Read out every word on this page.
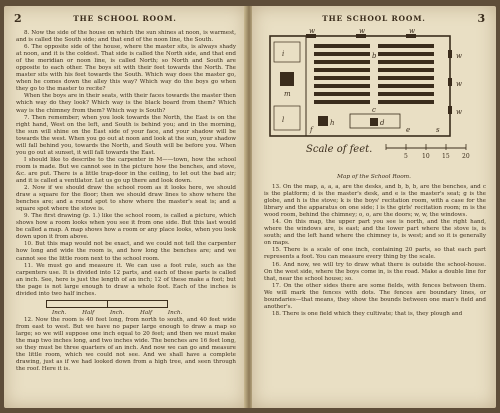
2	THE SCHOOL ROOM.

8. Now the side of the house on which the sun shines at noon, is warmest, and is called the South side; and that end of the noon line, the South.

6. The opposite side of the house, where the master sits, is always shady at noon, and it is the coldest. That side is called the North side, and that end of the meridian or noon line, is called North; so North and South are opposite to each other. The boys sit with their feet towards the North. The master sits with his feet towards the South. Which way does the master go, when he comes down the alley this way? Which way do the boys go when they go to the master to recite?

When the boys are in their seats, with their faces towards the master then which way do they look? Which way is the black board from them? Which way is the chimney from them? Which way is South?

7. Then remember; when you look towards the North, the East is on the right hand, West on the left, and South is behind you; and in the morning, the sun will shine on the East side of your face, and your shadow will be towards the west. When you go out at noon and look at the sun, your shadow will fall behind you, towards the North, and South will be before you. When you go out at sunset, it will fall towards the East.

I should like to describe to the carpenter in M——town, how the school room is made. But we cannot see in the picture how the benches, and stove, &c. are put. There is a little trap-door in the ceiling, to let out the bad air; and it is called a ventilator. Let us go up there and look down.

2. Now if we should draw the school room as it looks here, we should draw a square for the floor; then we should draw lines to show where the benches are; and a round spot to show where the master's seat is; and a square spot where the stove is.

9. The first drawing (p. 1.) like the school room, is called a picture, which shows how a room looks when you see it from one side. But this last would be called a map. A map shows how a room or any place looks, when you look down upon it from above.

10. But this map would not be exact, and we could not tell the carpenter how long and wide the room is, and how long the benches are; and we cannot see the little room next to the school room.

11. We must go and measure it. We can use a foot rule, such as the carpenters use. It is divided into 12 parts, and each of these parts is called an inch. See, here is just the length of an inch; 12 of these make a foot; but the page is not large enough to draw a whole foot. Each of the inches is divided into two half inches.

Inch. Half Inch. Half Inch.

12. Now the room is 40 feet long, from north to south, and 40 feet wide from east to west. But we have no paper large enough to draw a map so large; so we will suppose one inch equal to 20 feet; and then we must make the map two inches long, and two inches wide. The benches are 16 feet long, so they must be three quarters of an inch. And now we can go and measure the little room, which we could not see. And we shall have a complete drawing, just as if we had looked down from a high tree, and seen through the roof. Here it is.

THE SCHOOL ROOM.	3
w	w	w
w
w
w
i
m
l
b
c
h	d
f	e	s
Scale of feet.
5 10 15 20
Map of the School Room.

13. On the map, a, a, a, are the desks, and b, b, b, are the benches, and c is the platform; d is the master's desk, and e is the master's seat; g is the globe, and h is the stove; k is the boys' recitation room, with a case for the library and the apparatus on one side; l is the girls' recitation room; m is the wood room, behind the chimney; o, o, are the doors; w, w, the windows.

14. On this map, the upper part you see is north, and the right hand, where the windows are, is east; and the lower part where the stove is, is south; and the left hand where the chimney is, is west; and so it is generally on maps.

15. There is a scale of one inch, containing 20 parts, so that each part represents a foot. You can measure every thing by the scale.

16. And now, we will try to draw what there is outside the school-house. On the west side, where the boys come in, is the road. Make a double line for that, near the school house; so.

17. On the other sides there are some fields, with fences between them. We will mark the fences with dots. The fences are boundary lines, or boundaries—that means, they show the bounds between one man's field and another's.

18. There is one field which they cultivate; that is, they plough and
